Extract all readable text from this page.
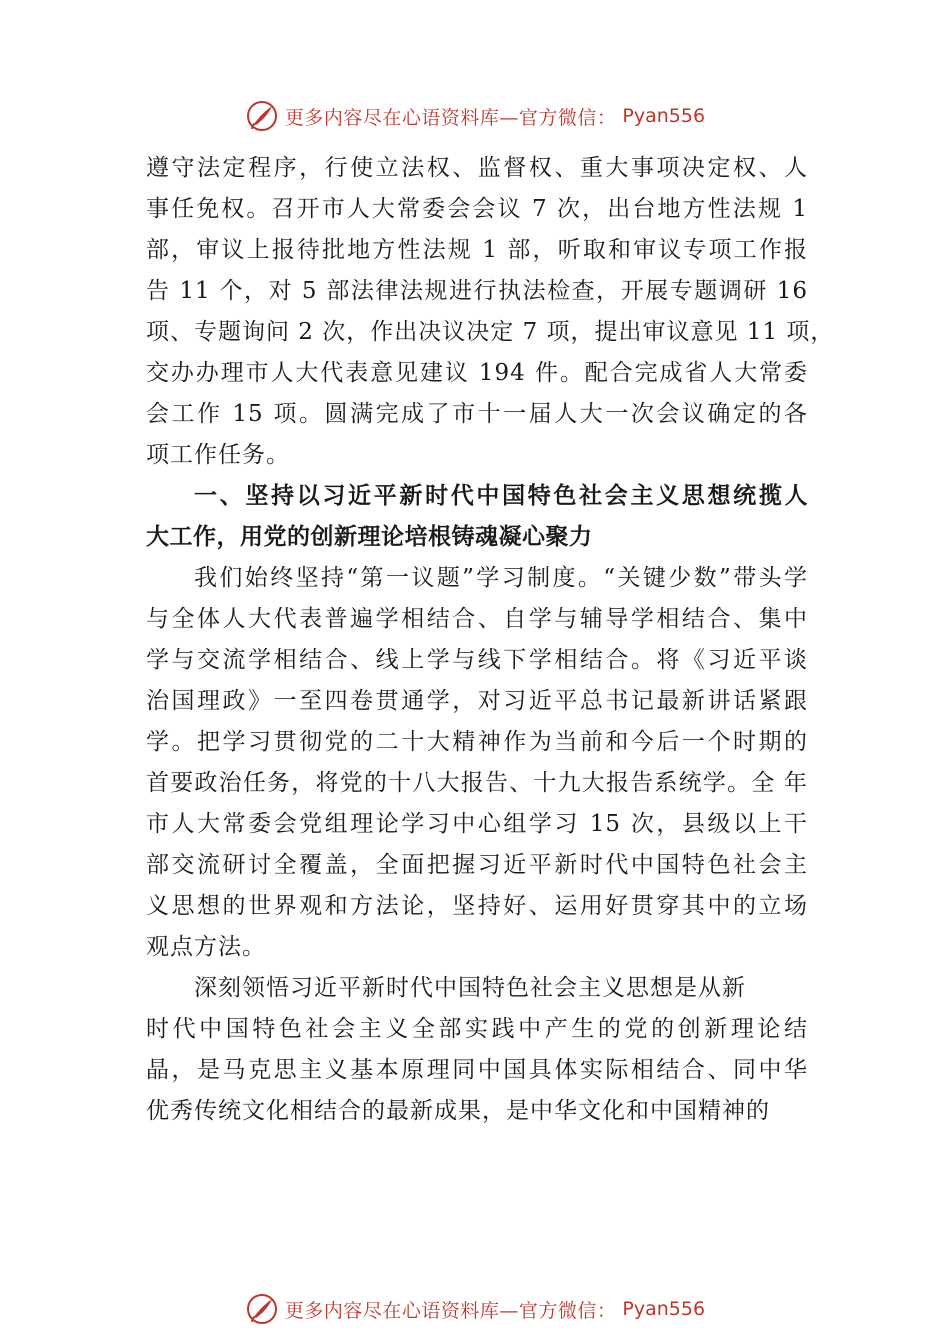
更多内容尽在心语资料库—官方微信： Pyan556
遵守法定程序，行使立法权、监督权、重大事项决定权、人
事任免权。召开市人大常委会会议 7 次，出台地方性法规 1
部，审议上报待批地方性法规 1 部，听取和审议专项工作报
告 11 个，对 5 部法律法规进行执法检查，开展专题调研 16
项、专题询问 2 次，作出决议决定 7 项，提出审议意见 11 项，
交办办理市人大代表意见建议 194 件。配合完成省人大常委
会工作 15 项。圆满完成了市十一届人大一次会议确定的各
项工作任务。
一、坚持以习近平新时代中国特色社会主义思想统揽人
大工作，用党的创新理论培根铸魂凝心聚力
我们始终坚持“第一议题”学习制度。“关键少数”带头学
与全体人大代表普遍学相结合、自学与辅导学相结合、集中
学与交流学相结合、线上学与线下学相结合。将《习近平谈
治国理政》一至四卷贯通学，对习近平总书记最新讲话紧跟
学。把学习贯彻党的二十大精神作为当前和今后一个时期的
首要政治任务，将党的十八大报告、十九大报告系统学。全 年
市人大常委会党组理论学习中心组学习 15 次，县级以上干
部交流研讨全覆盖，全面把握习近平新时代中国特色社会主
义思想的世界观和方法论，坚持好、运用好贯穿其中的立场
观点方法。
深刻领悟习近平新时代中国特色社会主义思想是从新
时代中国特色社会主义全部实践中产生的党的创新理论结
晶，是马克思主义基本原理同中国具体实际相结合、同中华
优秀传统文化相结合的最新成果，是中华文化和中国精神的
更多内容尽在心语资料库—官方微信： Pyan556
